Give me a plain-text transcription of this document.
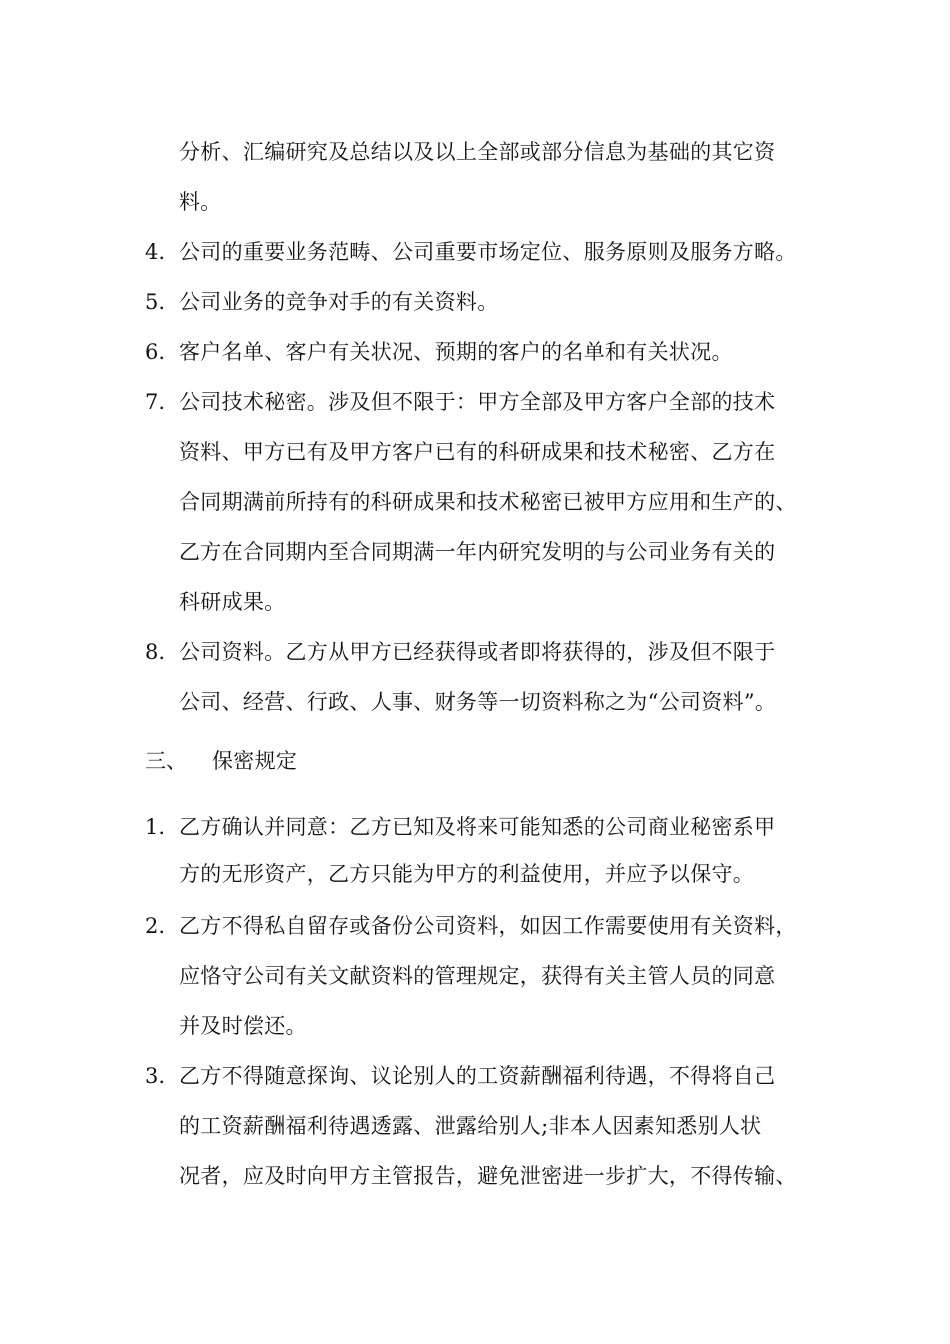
分析、汇编研究及总结以及以上全部或部分信息为基础的其它资
料。
4. 公司的重要业务范畴、公司重要市场定位、服务原则及服务方略。
5. 公司业务的竞争对手的有关资料。
6. 客户名单、客户有关状况、预期的客户的名单和有关状况。
7. 公司技术秘密。涉及但不限于：甲方全部及甲方客户全部的技术
资料、甲方已有及甲方客户已有的科研成果和技术秘密、乙方在
合同期满前所持有的科研成果和技术秘密已被甲方应用和生产的、
乙方在合同期内至合同期满一年内研究发明的与公司业务有关的
科研成果。
8. 公司资料。乙方从甲方已经获得或者即将获得的，涉及但不限于
公司、经营、行政、人事、财务等一切资料称之为“公司资料”。
三、 保密规定
1. 乙方确认并同意：乙方已知及将来可能知悉的公司商业秘密系甲
方的无形资产，乙方只能为甲方的利益使用，并应予以保守。
2. 乙方不得私自留存或备份公司资料，如因工作需要使用有关资料，
应恪守公司有关文献资料的管理规定，获得有关主管人员的同意
并及时偿还。
3. 乙方不得随意探询、议论别人的工资薪酬福利待遇，不得将自己
的工资薪酬福利待遇透露、泄露给别人;非本人因素知悉别人状
况者，应及时向甲方主管报告，避免泄密进一步扩大，不得传输、
